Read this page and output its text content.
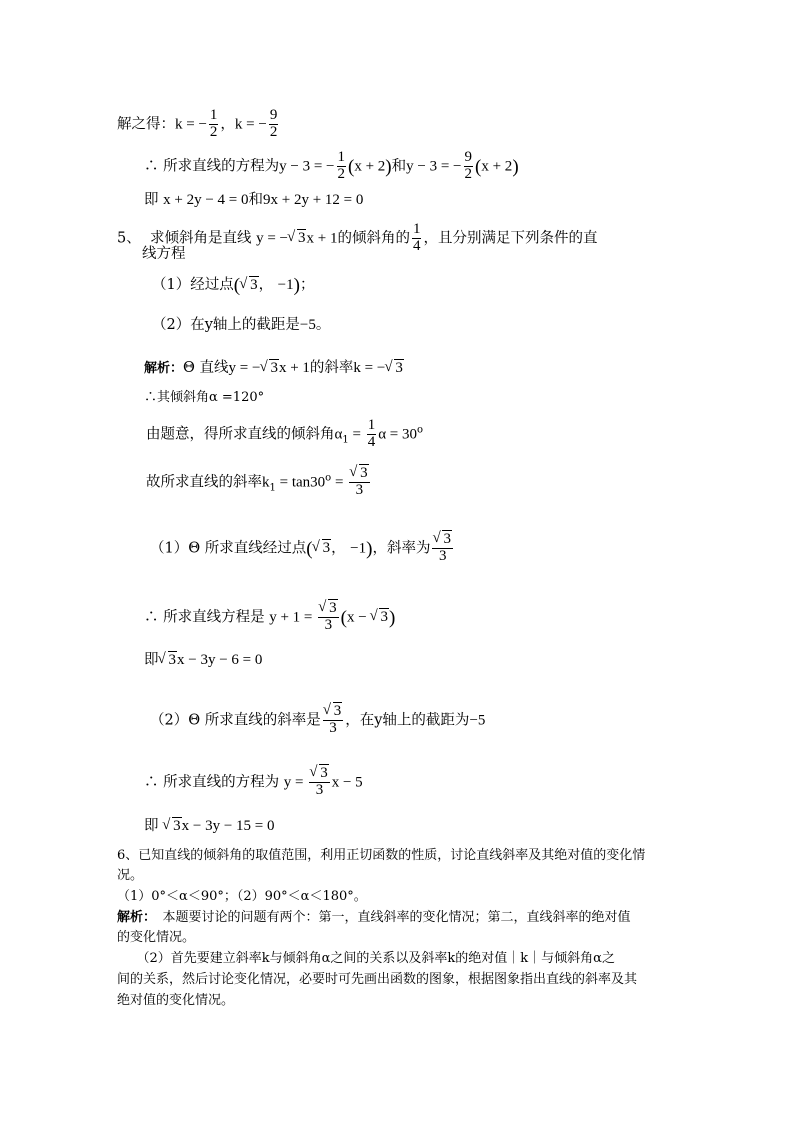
解之得：k = − $\frac{1}{2}$ ，k = − $\frac{9}{2}$
∴ 所求直线的方程为y − 3 = − $\frac{1}{2} (x + 2)$和y − 3 = − $\frac{9}{2} (x + 2)$
即 x + 2y − 4 = 0和9x + 2y + 12 = 0
5、 求倾斜角是直线 y = − √ 3x + 1的倾斜角的 $\frac{1}{4}$ ，且分别满足下列条件的直
线方程
（1）经过点( √ 3， −1)；
（2）在y轴上的截距是−5。
解析：Θ 直线y = − √ 3x + 1的斜率k = − √ 3
∴其倾斜角α =120°
由题意，得所求直线的倾斜角$\alpha_1 = \frac{1}{4}$ $\alpha = 30^o$
故所求直线的斜率$k_1 = \tan 30^o$ = √ $\frac{3}{3}$
（1）Θ 所求直线经过点( √ 3， −1)，斜率为 √ $\frac{3}{3}$
∴ 所求直线方程是 y + 1 = √ $\frac{3}{3} (x$ − √ 3)
即 √ 3x − 3y − 6 = 0
（2）Θ 所求直线的斜率是 √ $\frac{3}{3}$ ，在y轴上的截距为−5
∴ 所求直线的方程为 y = √ $\frac{3}{3}$ x − 5
即 √ 3x − 3y − 15 = 0
6、已知直线的倾斜角的取值范围，利用正切函数的性质，讨论直线斜率及其绝对值的变化情
况。
（1）0°＜α＜90°；（2）90°＜α＜180°。
解析：　本题要讨论的问题有两个：第一，直线斜率的变化情况；第二，直线斜率的绝对值
的变化情况。
　　（2）首先要建立斜率k与倾斜角α之间的关系以及斜率k的绝对值｜k｜与倾斜角α之
间的关系，然后讨论变化情况，必要时可先画出函数的图象，根据图象指出直线的斜率及其
绝对值的变化情况。
